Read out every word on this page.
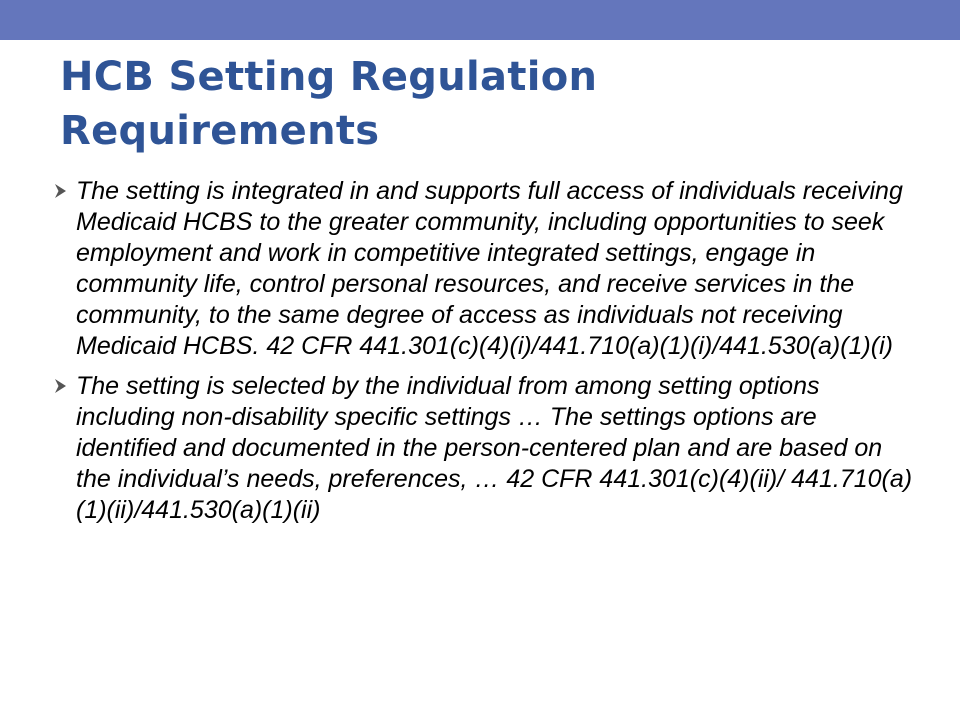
HCB Setting Regulation Requirements
The setting is integrated in and supports full access of individuals receiving Medicaid HCBS to the greater community, including opportunities to seek employment and work in competitive integrated settings, engage in community life, control personal resources, and receive services in the community, to the same degree of access as individuals not receiving Medicaid HCBS. 42 CFR 441.301(c)(4)(i)/441.710(a)(1)(i)/441.530(a)(1)(i)
The setting is selected by the individual from among setting options including non-disability specific settings … The settings options are identified and documented in the person-centered plan and are based on the individual’s needs, preferences, … 42 CFR 441.301(c)(4)(ii)/ 441.710(a)(1)(ii)/441.530(a)(1)(ii)
